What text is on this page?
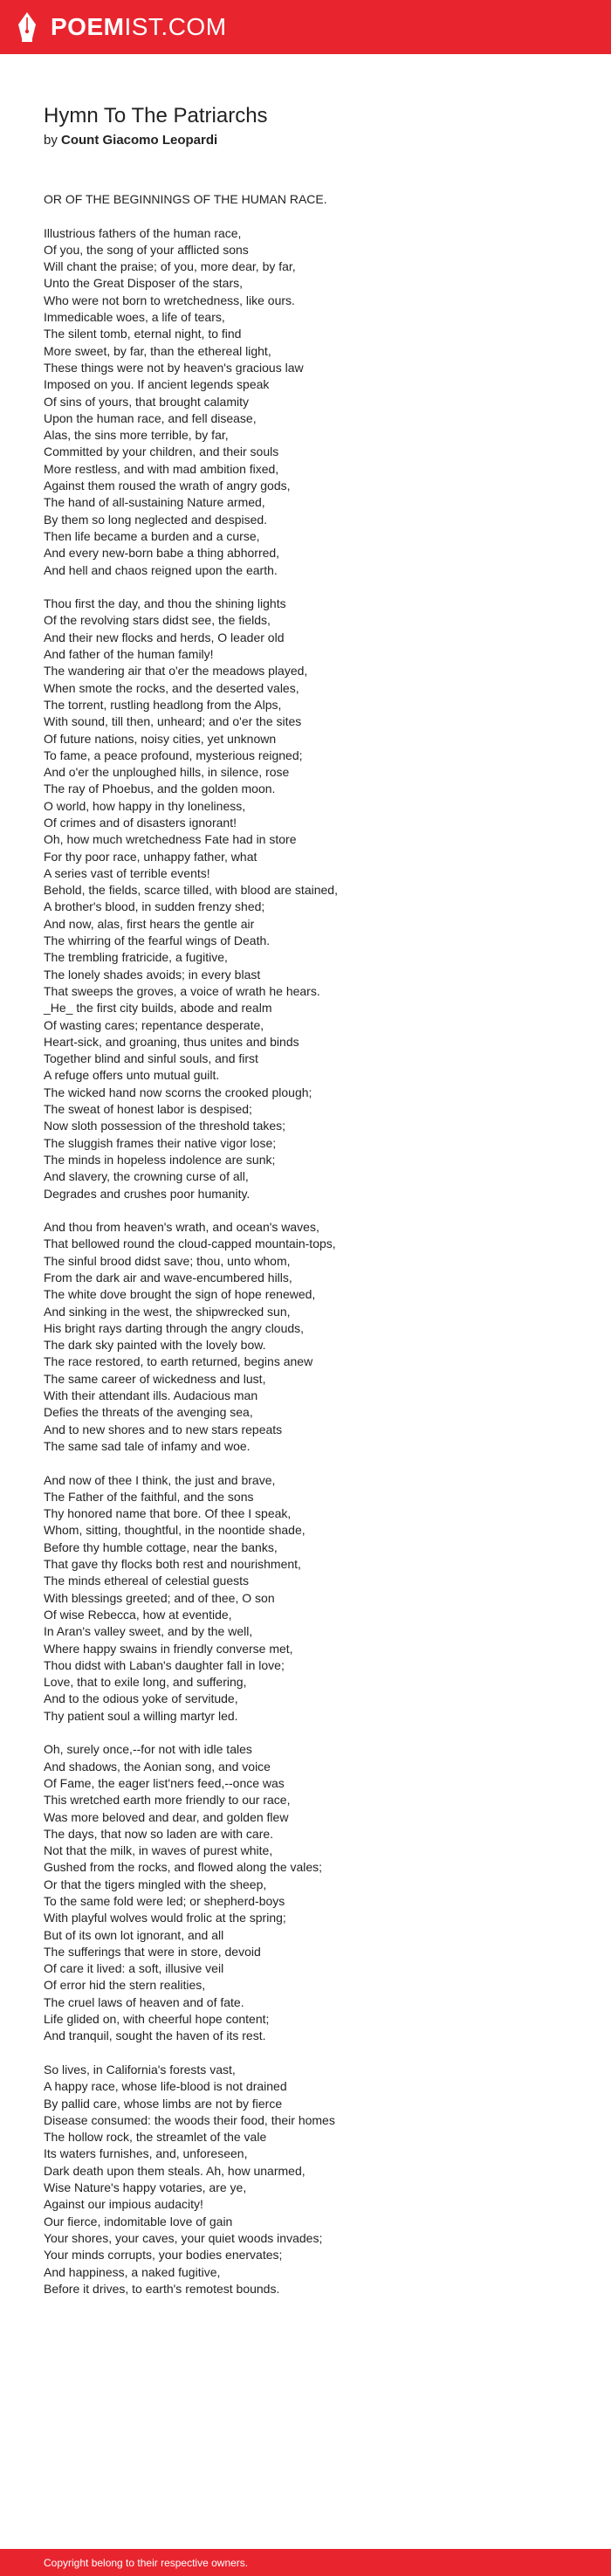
POEMIST.COM
Hymn To The Patriarchs
by Count Giacomo Leopardi
OR OF THE BEGINNINGS OF THE HUMAN RACE.
Illustrious fathers of the human race,
Of you, the song of your afflicted sons
Will chant the praise; of you, more dear, by far,
Unto the Great Disposer of the stars,
Who were not born to wretchedness, like ours.
Immedicable woes, a life of tears,
The silent tomb, eternal night, to find
More sweet, by far, than the ethereal light,
These things were not by heaven's gracious law
Imposed on you. If ancient legends speak
Of sins of yours, that brought calamity
Upon the human race, and fell disease,
Alas, the sins more terrible, by far,
Committed by your children, and their souls
More restless, and with mad ambition fixed,
Against them roused the wrath of angry gods,
The hand of all-sustaining Nature armed,
By them so long neglected and despised.
Then life became a burden and a curse,
And every new-born babe a thing abhorred,
And hell and chaos reigned upon the earth.
Thou first the day, and thou the shining lights
Of the revolving stars didst see, the fields,
And their new flocks and herds, O leader old
And father of the human family!
The wandering air that o'er the meadows played,
When smote the rocks, and the deserted vales,
The torrent, rustling headlong from the Alps,
With sound, till then, unheard; and o'er the sites
Of future nations, noisy cities, yet unknown
To fame, a peace profound, mysterious reigned;
And o'er the unploughed hills, in silence, rose
The ray of Phoebus, and the golden moon.
O world, how happy in thy loneliness,
Of crimes and of disasters ignorant!
Oh, how much wretchedness Fate had in store
For thy poor race, unhappy father, what
A series vast of terrible events!
Behold, the fields, scarce tilled, with blood are stained,
A brother's blood, in sudden frenzy shed;
And now, alas, first hears the gentle air
The whirring of the fearful wings of Death.
The trembling fratricide, a fugitive,
The lonely shades avoids; in every blast
That sweeps the groves, a voice of wrath he hears.
_He_ the first city builds, abode and realm
Of wasting cares; repentance desperate,
Heart-sick, and groaning, thus unites and binds
Together blind and sinful souls, and first
A refuge offers unto mutual guilt.
The wicked hand now scorns the crooked plough;
The sweat of honest labor is despised;
Now sloth possession of the threshold takes;
The sluggish frames their native vigor lose;
The minds in hopeless indolence are sunk;
And slavery, the crowning curse of all,
Degrades and crushes poor humanity.
And thou from heaven's wrath, and ocean's waves,
That bellowed round the cloud-capped mountain-tops,
The sinful brood didst save; thou, unto whom,
From the dark air and wave-encumbered hills,
The white dove brought the sign of hope renewed,
And sinking in the west, the shipwrecked sun,
His bright rays darting through the angry clouds,
The dark sky painted with the lovely bow.
The race restored, to earth returned, begins anew
The same career of wickedness and lust,
With their attendant ills. Audacious man
Defies the threats of the avenging sea,
And to new shores and to new stars repeats
The same sad tale of infamy and woe.
And now of thee I think, the just and brave,
The Father of the faithful, and the sons
Thy honored name that bore. Of thee I speak,
Whom, sitting, thoughtful, in the noontide shade,
Before thy humble cottage, near the banks,
That gave thy flocks both rest and nourishment,
The minds ethereal of celestial guests
With blessings greeted; and of thee, O son
Of wise Rebecca, how at eventide,
In Aran's valley sweet, and by the well,
Where happy swains in friendly converse met,
Thou didst with Laban's daughter fall in love;
Love, that to exile long, and suffering,
And to the odious yoke of servitude,
Thy patient soul a willing martyr led.
Oh, surely once,--for not with idle tales
And shadows, the Aonian song, and voice
Of Fame, the eager list'ners feed,--once was
This wretched earth more friendly to our race,
Was more beloved and dear, and golden flew
The days, that now so laden are with care.
Not that the milk, in waves of purest white,
Gushed from the rocks, and flowed along the vales;
Or that the tigers mingled with the sheep,
To the same fold were led; or shepherd-boys
With playful wolves would frolic at the spring;
But of its own lot ignorant, and all
The sufferings that were in store, devoid
Of care it lived: a soft, illusive veil
Of error hid the stern realities,
The cruel laws of heaven and of fate.
Life glided on, with cheerful hope content;
And tranquil, sought the haven of its rest.
So lives, in California's forests vast,
A happy race, whose life-blood is not drained
By pallid care, whose limbs are not by fierce
Disease consumed: the woods their food, their homes
The hollow rock, the streamlet of the vale
Its waters furnishes, and, unforeseen,
Dark death upon them steals. Ah, how unarmed,
Wise Nature's happy votaries, are ye,
Against our impious audacity!
Our fierce, indomitable love of gain
Your shores, your caves, your quiet woods invades;
Your minds corrupts, your bodies enervates;
And happiness, a naked fugitive,
Before it drives, to earth's remotest bounds.
Copyright belong to their respective owners.
